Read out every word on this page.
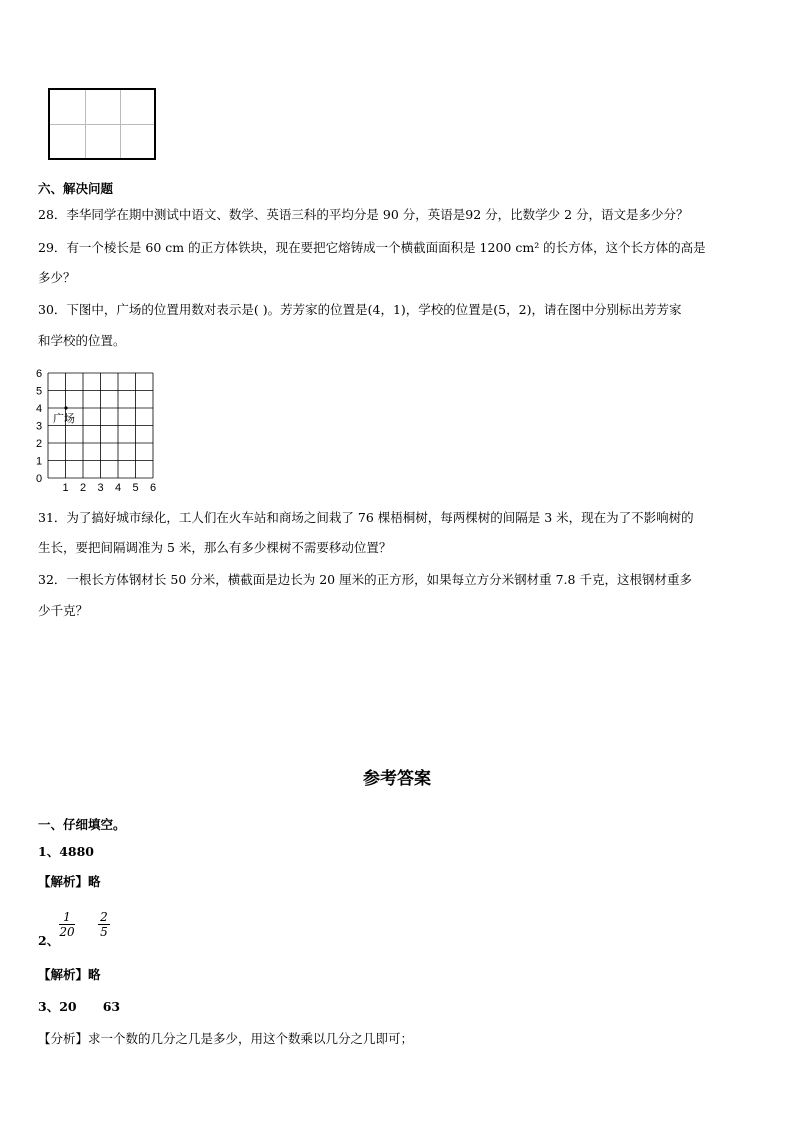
六、解决问题
28．李华同学在期中测试中语文、数学、英语三科的平均分是 90 分，英语是92 分，比数学少 2 分，语文是多少分？
29．有一个棱长是 60 cm 的正方体铁块，现在要把它熔铸成一个横截面面积是 1200 cm² 的长方体，这个长方体的高是
多少？
30．下图中，广场的位置用数对表示是( )。芳芳家的位置是(4，1)，学校的位置是(5，2)，请在图中分别标出芳芳家
和学校的位置。
1 2 3 4 5 6
0
1
2
3
4
5
6
广场
31．为了搞好城市绿化，工人们在火车站和商场之间栽了 76 棵梧桐树，每两棵树的间隔是 3 米，现在为了不影响树的
生长，要把间隔调准为 5 米，那么有多少棵树不需要移动位置？
32．一根长方体钢材长 50 分米，横截面是边长为 20 厘米的正方形，如果每立方分米钢材重 7.8 千克，这根钢材重多
少千克？
参考答案
一、仔细填空。
1、4880
【解析】略
2、
$\frac{1}{20} \frac{2}{5}$
【解析】略
3、20      63
【分析】求一个数的几分之几是多少，用这个数乘以几分之几即可；
